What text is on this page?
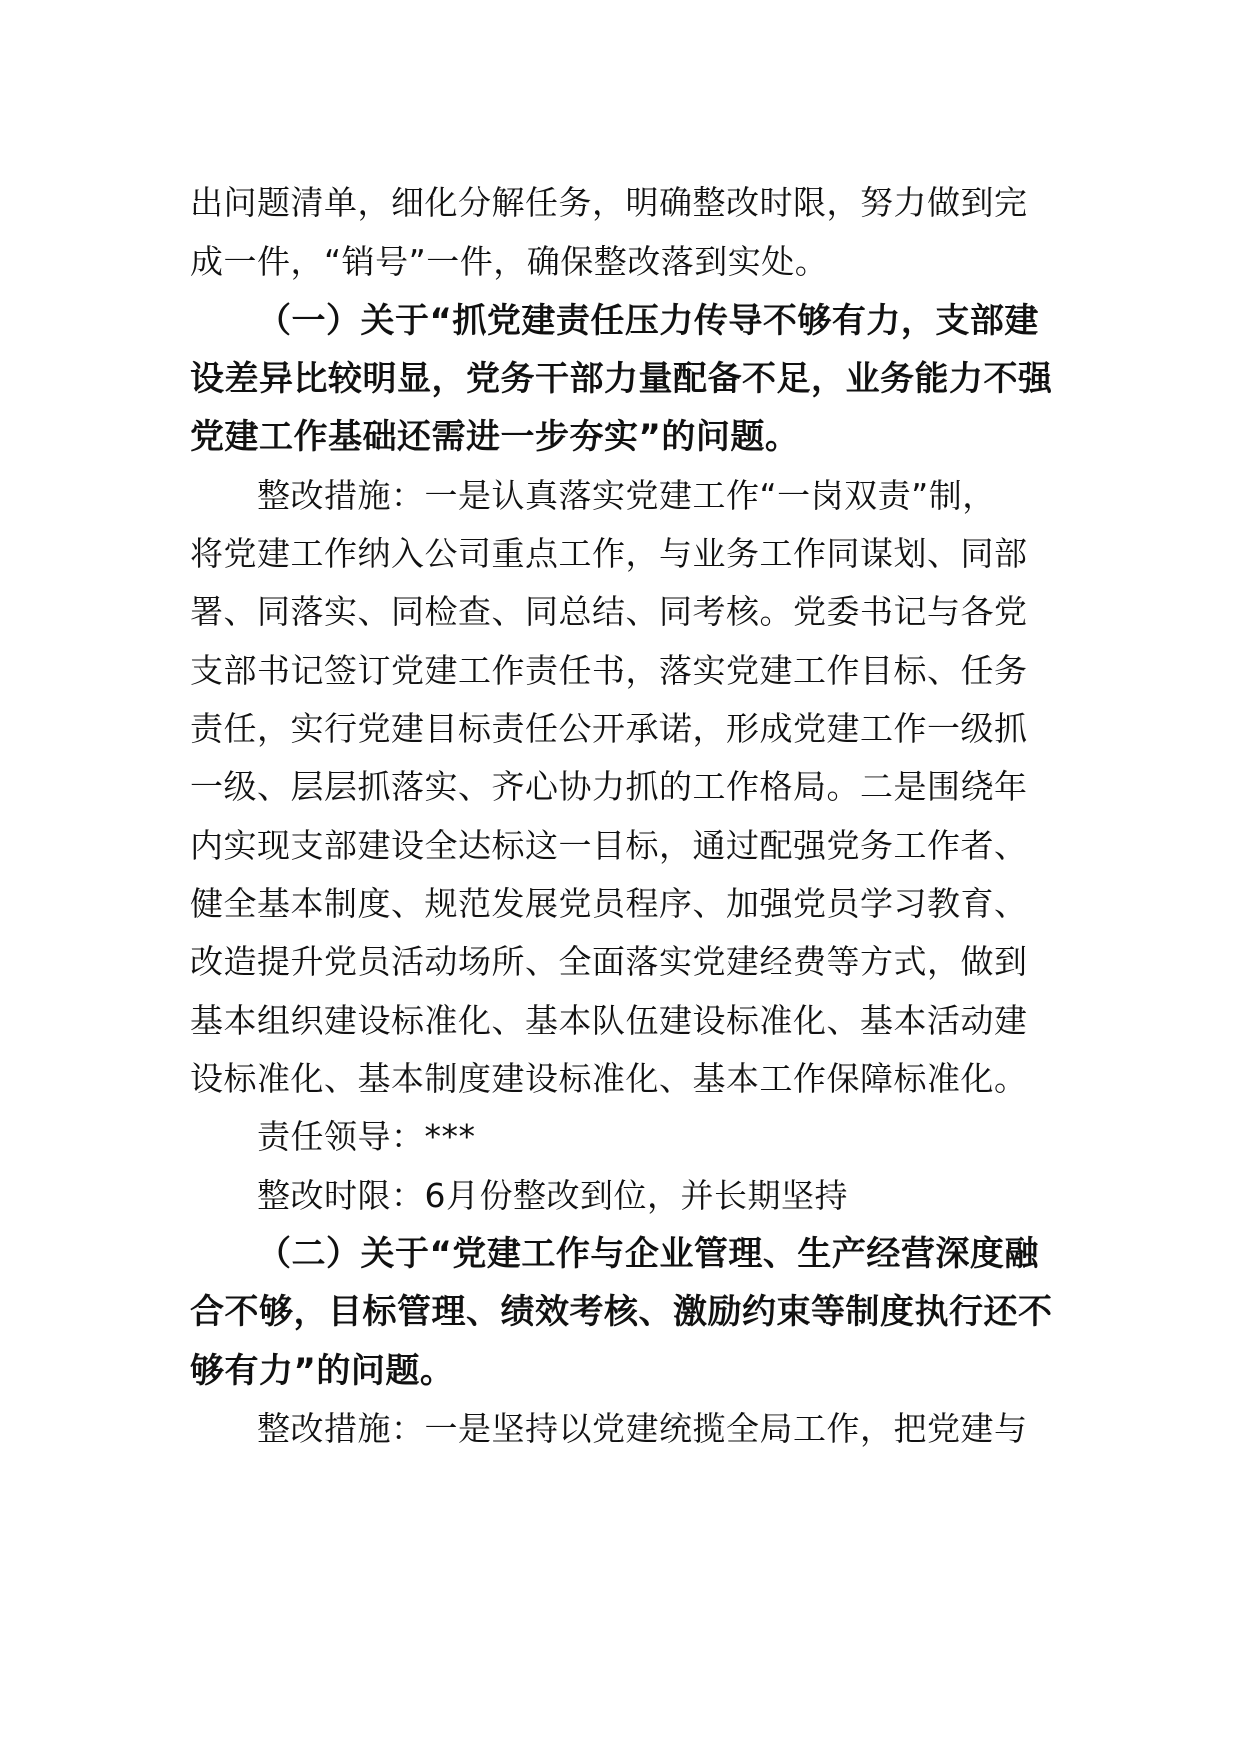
出问题清单，细化分解任务，明确整改时限，努力做到完
成一件，“销号”一件，确保整改落到实处。
（一）关于“抓党建责任压力传导不够有力，支部建
设差异比较明显，党务干部力量配备不足，业务能力不强
党建工作基础还需进一步夯实”的问题。
整改措施：一是认真落实党建工作“一岗双责”制，
将党建工作纳入公司重点工作，与业务工作同谋划、同部
署、同落实、同检查、同总结、同考核。党委书记与各党
支部书记签订党建工作责任书，落实党建工作目标、任务
责任，实行党建目标责任公开承诺，形成党建工作一级抓
一级、层层抓落实、齐心协力抓的工作格局。二是围绕年
内实现支部建设全达标这一目标，通过配强党务工作者、
健全基本制度、规范发展党员程序、加强党员学习教育、
改造提升党员活动场所、全面落实党建经费等方式，做到
基本组织建设标准化、基本队伍建设标准化、基本活动建
设标准化、基本制度建设标准化、基本工作保障标准化。
责任领导：***
整改时限：6月份整改到位，并长期坚持
（二）关于“党建工作与企业管理、生产经营深度融
合不够，目标管理、绩效考核、激励约束等制度执行还不
够有力”的问题。
整改措施：一是坚持以党建统揽全局工作，把党建与
